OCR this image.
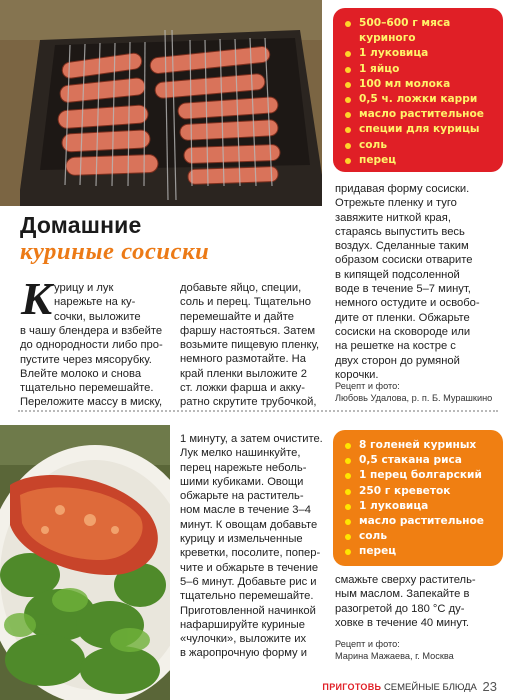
500–600 г мяса куриного
1 луковица
1 яйцо
100 мл молока
0,5 ч. ложки карри
масло растительное
специи для курицы
соль
перец
Домашние
куриные сосиски
К урицу и лук
нарежьте на ку-
сочки, выложите
в чашу блендера и взбейте
до однородности либо про-
пустите через мясорубку.
Влейте молоко и снова
тщательно перемешайте.
Переложите массу в миску,
добавьте яйцо, специи,
соль и перец. Тщательно
перемешайте и дайте
фаршу настояться. Затем
возьмите пищевую пленку,
немного размотайте. На
край пленки выложите 2
ст. ложки фарша и акку-
ратно скрутите трубочкой,
придавая форму сосиски.
Отрежьте пленку и туго
завяжите ниткой края,
стараясь выпустить весь
воздух. Сделанные таким
образом сосиски отварите
в кипящей подсоленной
воде в течение 5–7 минут,
немного остудите и освобо-
дите от пленки. Обжарьте
сосиски на сковороде или
на решетке на костре с
двух сторон до румяной
корочки.
Рецепт и фото:
Любовь Удалова, р. п. Б. Мурашкино
8 голеней куриных
0,5 стакана риса
1 перец болгарский
250 г креветок
1 луковица
масло растительное
соль
перец
1 минуту, а затем очистите.
Лук мелко нашинкуйте,
перец нарежьте неболь-
шими кубиками. Овощи
обжарьте на раститель-
ном масле в течение 3–4
минут. К овощам добавьте
курицу и измельченные
креветки, посолите, попер-
чите и обжарьте в течение
5–6 минут. Добавьте рис и
тщательно перемешайте.
Приготовленной начинкой
нафаршируйте куриные
«чулочки», выложите их
в жаропрочную форму и
смажьте сверху раститель-
ным маслом. Запекайте в
разогретой до 180 °С ду-
ховке в течение 40 минут.
Рецепт и фото:
Марина Мажаева, г. Москва
ПРИГОТОВЬ СЕМЕЙНЫЕ БЛЮДА 23
